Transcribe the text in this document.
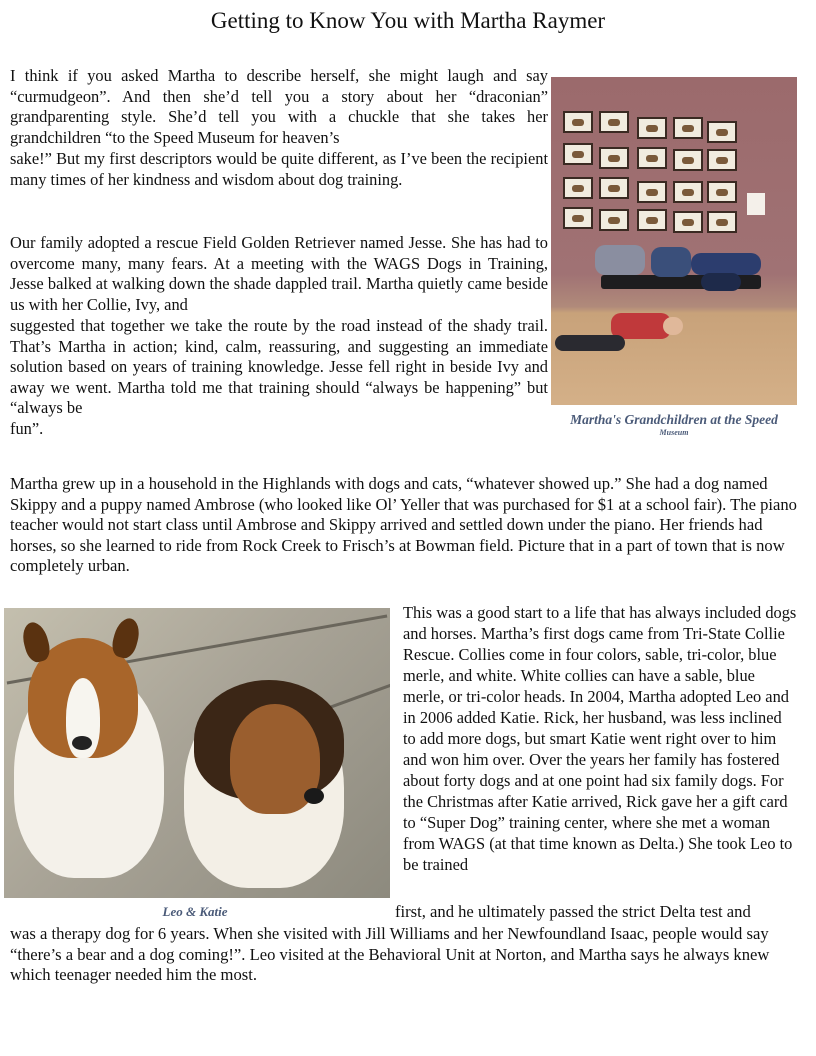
Getting to Know You with Martha Raymer

I think if you asked Martha to describe herself, she might laugh and say “curmudgeon”. And then she’d tell you a story about her “draconian” grandparenting style. She’d tell you with a chuckle that she takes her grandchildren “to the Speed Museum for heaven’s

sake!” But my first descriptors would be quite different, as I’ve been the recipient many times of her kindness and wisdom about dog training.

Our family adopted a rescue Field Golden Retriever named Jesse. She has had to overcome many, many fears. At a meeting with the WAGS Dogs in Training, Jesse balked at walking down the shade dappled trail. Martha quietly came beside us with her Collie, Ivy, and

suggested that together we take the route by the road instead of the shady trail. That’s Martha in action; kind, calm, reassuring, and suggesting an immediate solution based on years of training knowledge. Jesse fell right in beside Ivy and away we went. Martha told me that training should “always be happening” but “always be

fun”.	Martha's Grandchildren at the Speed
Museum

Martha grew up in a household in the Highlands with dogs and cats, “whatever showed up.” She had a dog named Skippy and a puppy named Ambrose (who looked like Ol’ Yeller that was purchased for $1 at a school fair). The piano teacher would not start class until Ambrose and Skippy arrived and settled down under the piano. Her friends had horses, so she learned to ride from Rock Creek to Frisch’s at Bowman field. Picture that in a part of town that is now completely urban.

Leo & Katie

This was a good start to a life that has always included dogs and horses. Martha’s first dogs came from Tri-State Collie Rescue. Collies come in four colors, sable, tri-color, blue merle, and white. White collies can have a sable, blue merle, or tri-color heads. In 2004, Martha adopted Leo and in 2006 added Katie. Rick, her husband, was less inclined to add more dogs, but smart Katie went right over to him and won him over. Over the years her family has fostered about forty dogs and at one point had six family dogs. For the Christmas after Katie arrived, Rick gave her a gift card to “Super Dog” training center, where she met a woman from WAGS (at that time known as Delta.) She took Leo to be trained

first, and he ultimately passed the strict Delta test and

was a therapy dog for 6 years. When she visited with Jill Williams and her Newfoundland Isaac, people would say “there’s a bear and a dog coming!”. Leo visited at the Behavioral Unit at Norton, and Martha says he always knew which teenager needed him the most.
